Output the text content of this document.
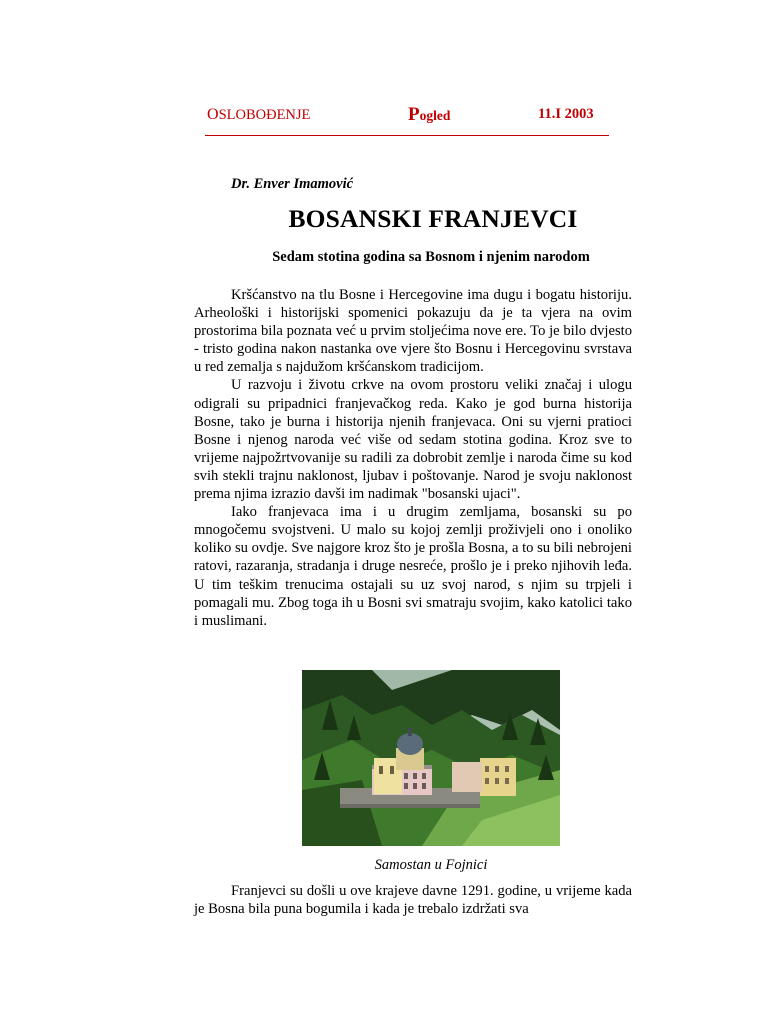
OSLOBOĐENJE	Pogled	11.I 2003
Dr. Enver Imamović
BOSANSKI FRANJEVCI
Sedam stotina godina sa Bosnom i njenim narodom

Kršćanstvo na tlu Bosne i Hercegovine ima dugu i bogatu historiju. Arheološki i historijski spomenici pokazuju da je ta vjera na ovim prostorima bila poznata već u prvim stoljećima nove ere. To je bilo dvjesto - tristo godina nakon nastanka ove vjere što Bosnu i Hercegovinu svrstava u red zemalja s najdužom kršćanskom tradicijom.

U razvoju i životu crkve na ovom prostoru veliki značaj i ulogu odigrali su pripadnici franjevačkog reda. Kako je god burna historija Bosne, tako je burna i historija njenih franjevaca. Oni su vjerni pratioci Bosne i njenog naroda već više od sedam stotina godina. Kroz sve to vrijeme najpožrtvovanije su radili za dobrobit zemlje i naroda čime su kod svih stekli trajnu naklonost, ljubav i poštovanje. Narod je svoju naklonost prema njima izrazio davši im nadimak "bosanski ujaci".

Iako franjevaca ima i u drugim zemljama, bosanski su po mnogočemu svojstveni. U malo su kojoj zemlji proživjeli ono i onoliko koliko su ovdje. Sve najgore kroz što je prošla Bosna, a to su bili nebrojeni ratovi, razaranja, stradanja i druge nesreće, prošlo je i preko njihovih leđa. U tim teškim trenucima ostajali su uz svoj narod, s njim su trpjeli i pomagali mu. Zbog toga ih u Bosni svi smatraju svojim, kako katolici tako i muslimani.

Samostan u Fojnici

Franjevci su došli u ove krajeve davne 1291. godine, u vrijeme kada je Bosna bila puna bogumila i kada je trebalo izdržati sva
